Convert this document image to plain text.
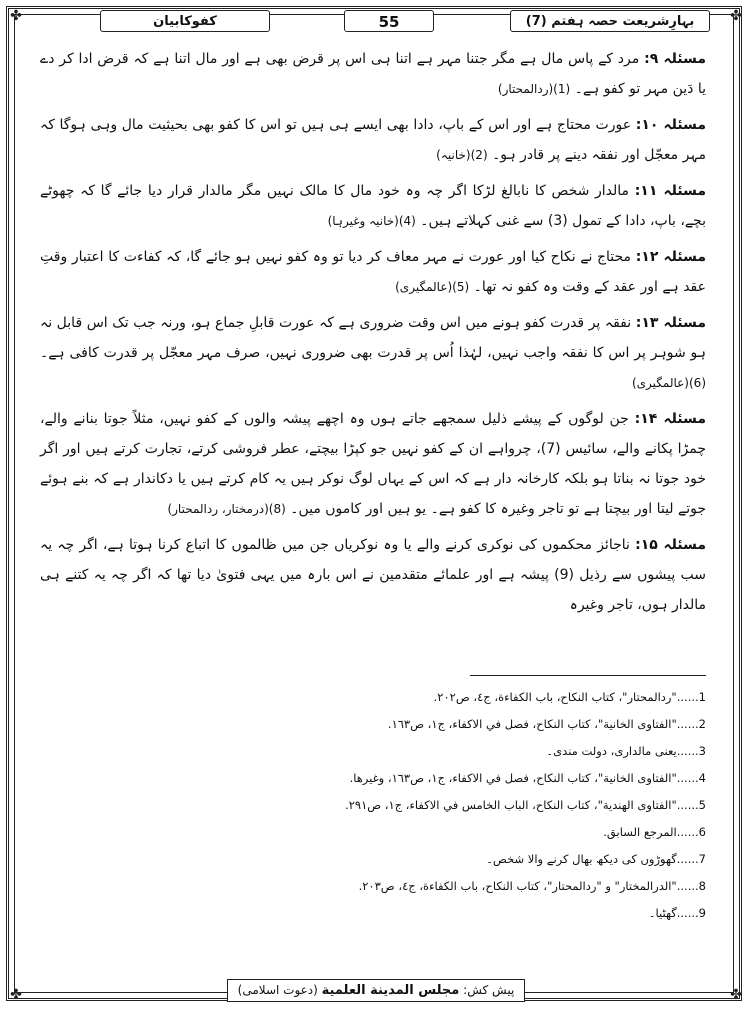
✤	✤
✤	✤
بہارِشریعت حصہ ہفتم (7)
55
کفوکابیان

مسئلہ ۹: مرد کے پاس مال ہے مگر جتنا مہر ہے اتنا ہی اس پر قرض بھی ہے اور مال اتنا ہے کہ قرض ادا کر دے یا دَین مہر تو کفو ہے۔ (1)(ردالمحتار)

مسئلہ ۱۰: عورت محتاج ہے اور اس کے باپ، دادا بھی ایسے ہی ہیں تو اس کا کفو بھی بحیثیت مال وہی ہوگا کہ مہر معجّل اور نفقہ دینے پر قادر ہو۔ (2)(خانیہ)

مسئلہ ۱۱: مالدار شخص کا نابالغ لڑکا اگر چہ وہ خود مال کا مالک نہیں مگر مالدار قرار دیا جائے گا کہ چھوٹے بچے، باپ، دادا کے تمول (3) سے غنی کہلاتے ہیں۔ (4)(خانیہ وغیرہا)

مسئلہ ۱۲: محتاج نے نکاح کیا اور عورت نے مہر معاف کر دیا تو وہ کفو نہیں ہو جائے گا، کہ کفاءت کا اعتبار وقتِ عقد ہے اور عقد کے وقت وہ کفو نہ تھا۔ (5)(عالمگیری)

مسئلہ ۱۳: نفقہ پر قدرت کفو ہونے میں اس وقت ضروری ہے کہ عورت قابلِ جماع ہو، ورنہ جب تک اس قابل نہ ہو شوہر پر اس کا نفقہ واجب نہیں، لہٰذا اُس پر قدرت بھی ضروری نہیں، صرف مہر معجّل پر قدرت کافی ہے۔ (6)(عالمگیری)

مسئلہ ۱۴: جن لوگوں کے پیشے ذلیل سمجھے جاتے ہوں وہ اچھے پیشہ والوں کے کفو نہیں، مثلاً جوتا بنانے والے، چمڑا پکانے والے، سائیس (7)، چرواہے ان کے کفو نہیں جو کپڑا بیچتے، عطر فروشی کرتے، تجارت کرتے ہیں اور اگر خود جوتا نہ بناتا ہو بلکہ کارخانہ دار ہے کہ اس کے یہاں لوگ نوکر ہیں یہ کام کرتے ہیں یا دکاندار ہے کہ بنے ہوئے جوتے لیتا اور بیچتا ہے تو تاجر وغیرہ کا کفو ہے۔ یو ہیں اور کاموں میں۔ (8)(درمختار، ردالمحتار)

مسئلہ ۱۵: ناجائز محکموں کی نوکری کرنے والے یا وہ نوکریاں جن میں ظالموں کا اتباع کرنا ہوتا ہے، اگر چہ یہ سب پیشوں سے رذیل (9) پیشہ ہے اور علمائے متقدمین نے اس بارہ میں یہی فتویٰ دیا تھا کہ اگر چہ یہ کتنے ہی مالدار ہوں، تاجر وغیرہ

1......"ردالمحتار"، كتاب النكاح، باب الكفاءة، ج٤، ص٢٠٢.
2......"الفتاوى الخانية"، كتاب النكاح، فصل في الاكفاء، ج١، ص١٦٣.
3......یعنی مالداری، دولت مندی۔
4......"الفتاوى الخانية"، كتاب النكاح، فصل في الاكفاء، ج١، ص١٦٣، وغيرها.
5......"الفتاوى الهندية"، كتاب النكاح، الباب الخامس في الاكفاء، ج١، ص٢٩١.
6......المرجع السابق.
7......گھوڑوں کی دیکھ بھال کرنے والا شخص۔
8......"الدرالمختار" و "ردالمحتار"، كتاب النكاح، باب الكفاءة، ج٤، ص٢٠٣.
9......گھٹیا۔
پیش کش: مجلس المدینة العلمیة (دعوت اسلامی)
